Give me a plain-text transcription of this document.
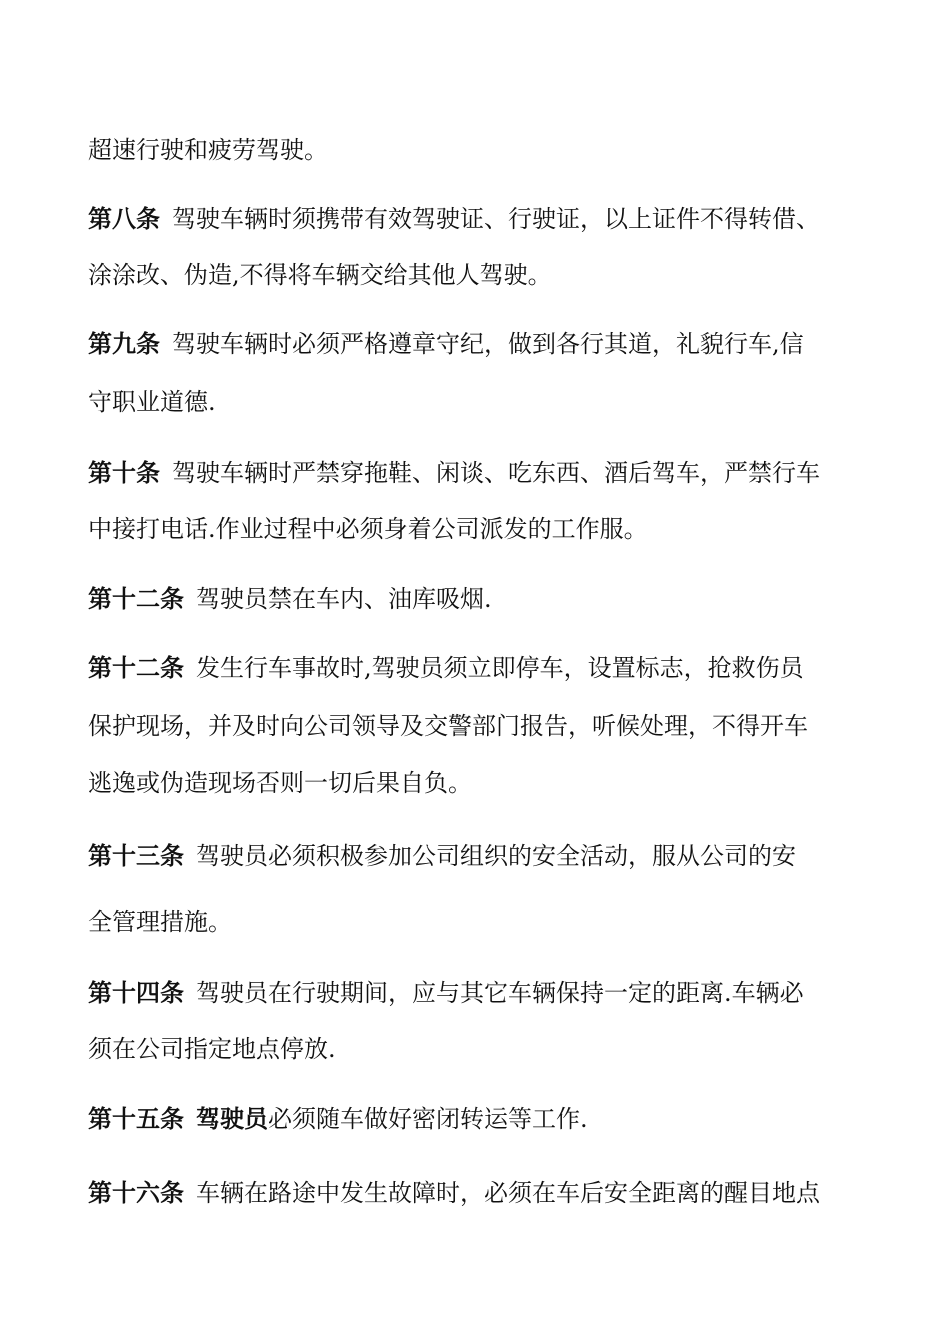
超速行驶和疲劳驾驶。
第八条 驾驶车辆时须携带有效驾驶证、行驶证，以上证件不得转借、
涂涂改、伪造,不得将车辆交给其他人驾驶。
第九条 驾驶车辆时必须严格遵章守纪，做到各行其道，礼貌行车,信
守职业道德.
第十条 驾驶车辆时严禁穿拖鞋、闲谈、吃东西、酒后驾车，严禁行车
中接打电话.作业过程中必须身着公司派发的工作服。
第十二条 驾驶员禁在车内、油库吸烟.
第十二条 发生行车事故时,驾驶员须立即停车，设置标志，抢救伤员
保护现场，并及时向公司领导及交警部门报告，听候处理，不得开车
逃逸或伪造现场否则一切后果自负。
第十三条 驾驶员必须积极参加公司组织的安全活动，服从公司的安
全管理措施。
第十四条 驾驶员在行驶期间，应与其它车辆保持一定的距离.车辆必
须在公司指定地点停放.
第十五条 驾驶员必须随车做好密闭转运等工作.
第十六条 车辆在路途中发生故障时，必须在车后安全距离的醒目地点
